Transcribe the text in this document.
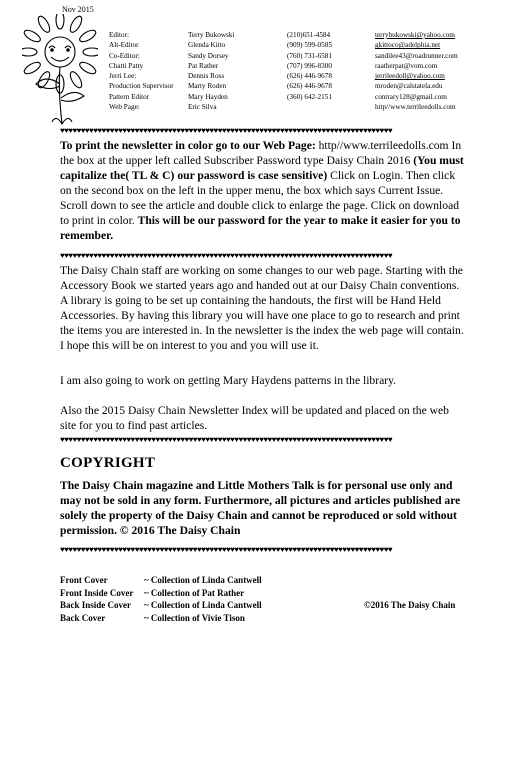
Nov 2015
Editor:	Terry Bukowski	(210)651-4584	terrybukowski@yahoo.com
Alt-Editor	Glenda Kitto	(909) 599-0585	gkittoco@adelphia.net
Co-Editor:	Sandy Dorsey	(760) 731-6581	sandilee43@roadrunner.com
Chatti Patty	Pat Rather	(707) 996-8300	raatherpat@vom.com
Jerri Lee:	Dennis Ross	(626) 446-9678	jerrileedoll@yahoo.com
Production Supervisor Marty Roden	(626) 446-9678	mroden@calstatela.edu
Pattern Editor	Mary Hayden	(360) 642-2151	contrary128@gmail.com
Web Page:	Eric Silva	http//www.terrileedolls.com
♥♥♥♥♥♥♥♥♥♥♥♥♥♥♥♥♥♥♥♥♥♥♥♥♥♥♥♥♥♥♥♥♥♥♥♥♥♥♥♥♥♥♥♥♥♥♥♥♥♥♥♥♥♥♥♥♥♥♥♥♥♥♥♥♥♥♥♥♥♥♥♥♥♥♥♥♥♥♥♥
To print the newsletter in color go to our Web Page: http//www.terrileedolls.com In the box at the upper left called Subscriber Password type Daisy Chain 2016 (You must capitalize the( TL & C) our password is case sensitive) Click on Login. Then click on the second box on the left in the upper menu, the box which says Current Issue. Scroll down to see the article and double click to enlarge the page. Click on download to print in color. This will be our password for the year to make it easier for you to remember.
♥♥♥♥♥♥♥♥♥♥♥♥♥♥♥♥♥♥♥♥♥♥♥♥♥♥♥♥♥♥♥♥♥♥♥♥♥♥♥♥♥♥♥♥♥♥♥♥♥♥♥♥♥♥♥♥♥♥♥♥♥♥♥♥♥♥♥♥♥♥♥♥♥♥♥♥♥♥♥♥
The Daisy Chain staff are working on some changes to our web page. Starting with the Accessory Book we started years ago and handed out at our Daisy Chain conventions. A library is going to be set up containing the handouts, the first will be Hand Held Accessories. By having this library you will have one place to go to research and print the items you are interested in. In the newsletter is the index the web page will contain. I hope this will be on interest to you and you will use it.
I am also going to work on getting Mary Haydens patterns in the library.
Also the 2015 Daisy Chain Newsletter Index will be updated and placed on the web site for you to find past articles.
♥♥♥♥♥♥♥♥♥♥♥♥♥♥♥♥♥♥♥♥♥♥♥♥♥♥♥♥♥♥♥♥♥♥♥♥♥♥♥♥♥♥♥♥♥♥♥♥♥♥♥♥♥♥♥♥♥♥♥♥♥♥♥♥♥♥♥♥♥♥♥♥♥♥♥♥♥♥♥♥
COPYRIGHT
The Daisy Chain magazine and Little Mothers Talk is for personal use only and may not be sold in any form. Furthermore, all pictures and articles published are solely the property of the Daisy Chain and cannot be reproduced or sold without permission. © 2016 The Daisy Chain
♥♥♥♥♥♥♥♥♥♥♥♥♥♥♥♥♥♥♥♥♥♥♥♥♥♥♥♥♥♥♥♥♥♥♥♥♥♥♥♥♥♥♥♥♥♥♥♥♥♥♥♥♥♥♥♥♥♥♥♥♥♥♥♥♥♥♥♥♥♥♥♥♥♥♥♥♥♥♥♥
Front Cover	~ Collection of Linda Cantwell
Front Inside Cover ~ Collection of Pat Rather
Back Inside Cover ~ Collection of Linda Cantwell
Back Cover	~ Collection of Vivie Tison
©2016 The Daisy Chain
